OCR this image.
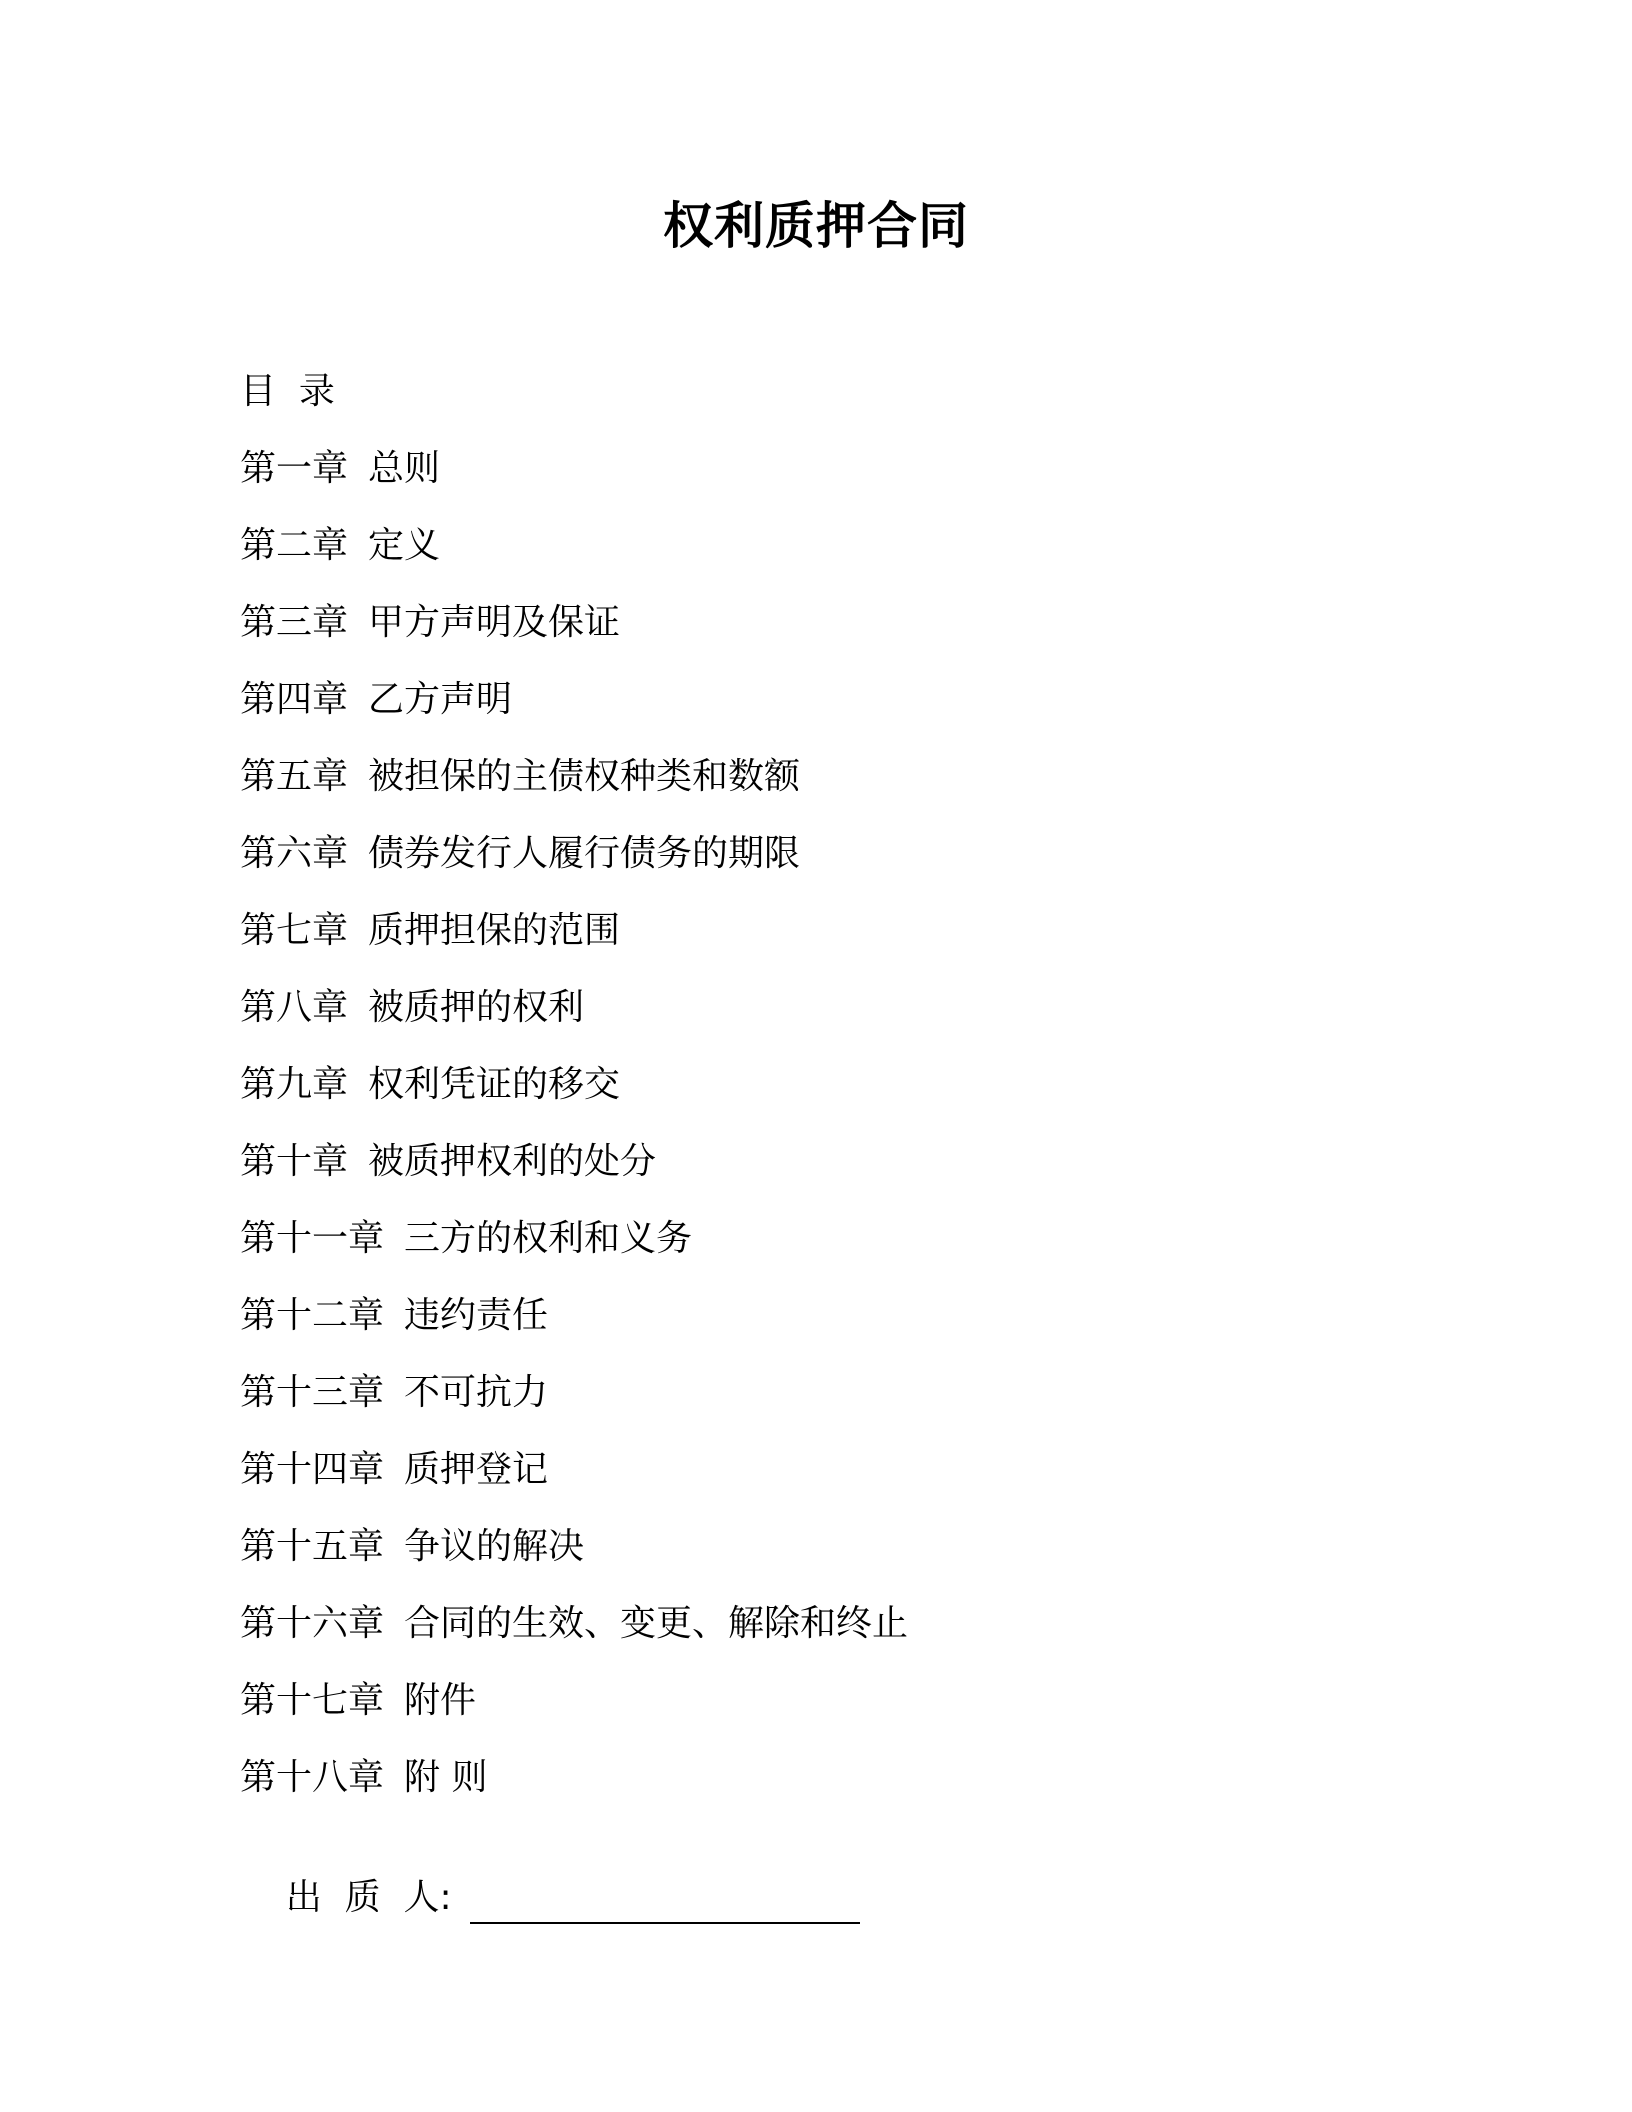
权利质押合同
目  录
第一章 总则
第二章 定义
第三章 甲方声明及保证
第四章 乙方声明
第五章 被担保的主债权种类和数额
第六章 债券发行人履行债务的期限
第七章 质押担保的范围
第八章 被质押的权利
第九章 权利凭证的移交
第十章 被质押权利的处分
第十一章 三方的权利和义务
第十二章 违约责任
第十三章 不可抗力
第十四章 质押登记
第十五章 争议的解决
第十六章 合同的生效、变更、解除和终止
第十七章 附件
第十八章 附 则

出  质  人:
